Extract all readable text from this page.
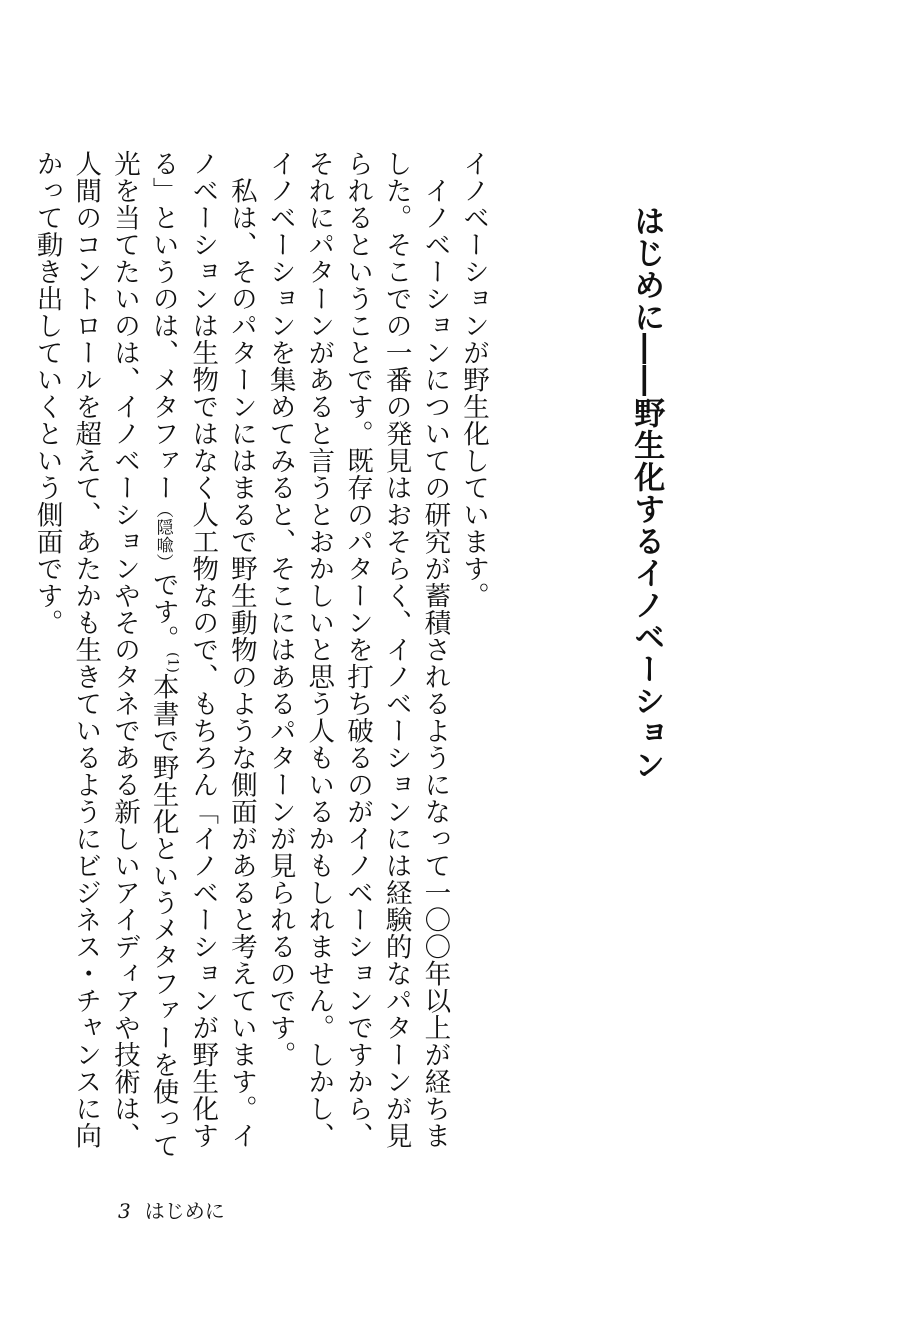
はじめに――野生化するイノベーション

イノベーションが野生化しています。

イノベーションについての研究が蓄積されるようになって一〇〇年以上が経ちました。そこでの一番の発見はおそらく、イノベーションには経験的なパターンが見られるということです。既存のパターンを打ち破るのがイノベーションですから、それにパターンがあると言うとおかしいと思う人もいるかもしれません。しかし、イノベーションを集めてみると、そこにはあるパターンが見られるのです。

私は、そのパターンにはまるで野生動物のような側面があると考えています。イノベーションは生物ではなく人工物なので、もちろん「イノベーションが野生化する」というのは、メタファー（隠喩）です。$^{(1)}$本書で野生化というメタファーを使って光を当てたいのは、イノベーションやそのタネである新しいアイディアや技術は、人間のコントロールを超えて、あたかも生きているようにビジネス・チャンスに向かって動き出していくという側面です。

3 はじめに
